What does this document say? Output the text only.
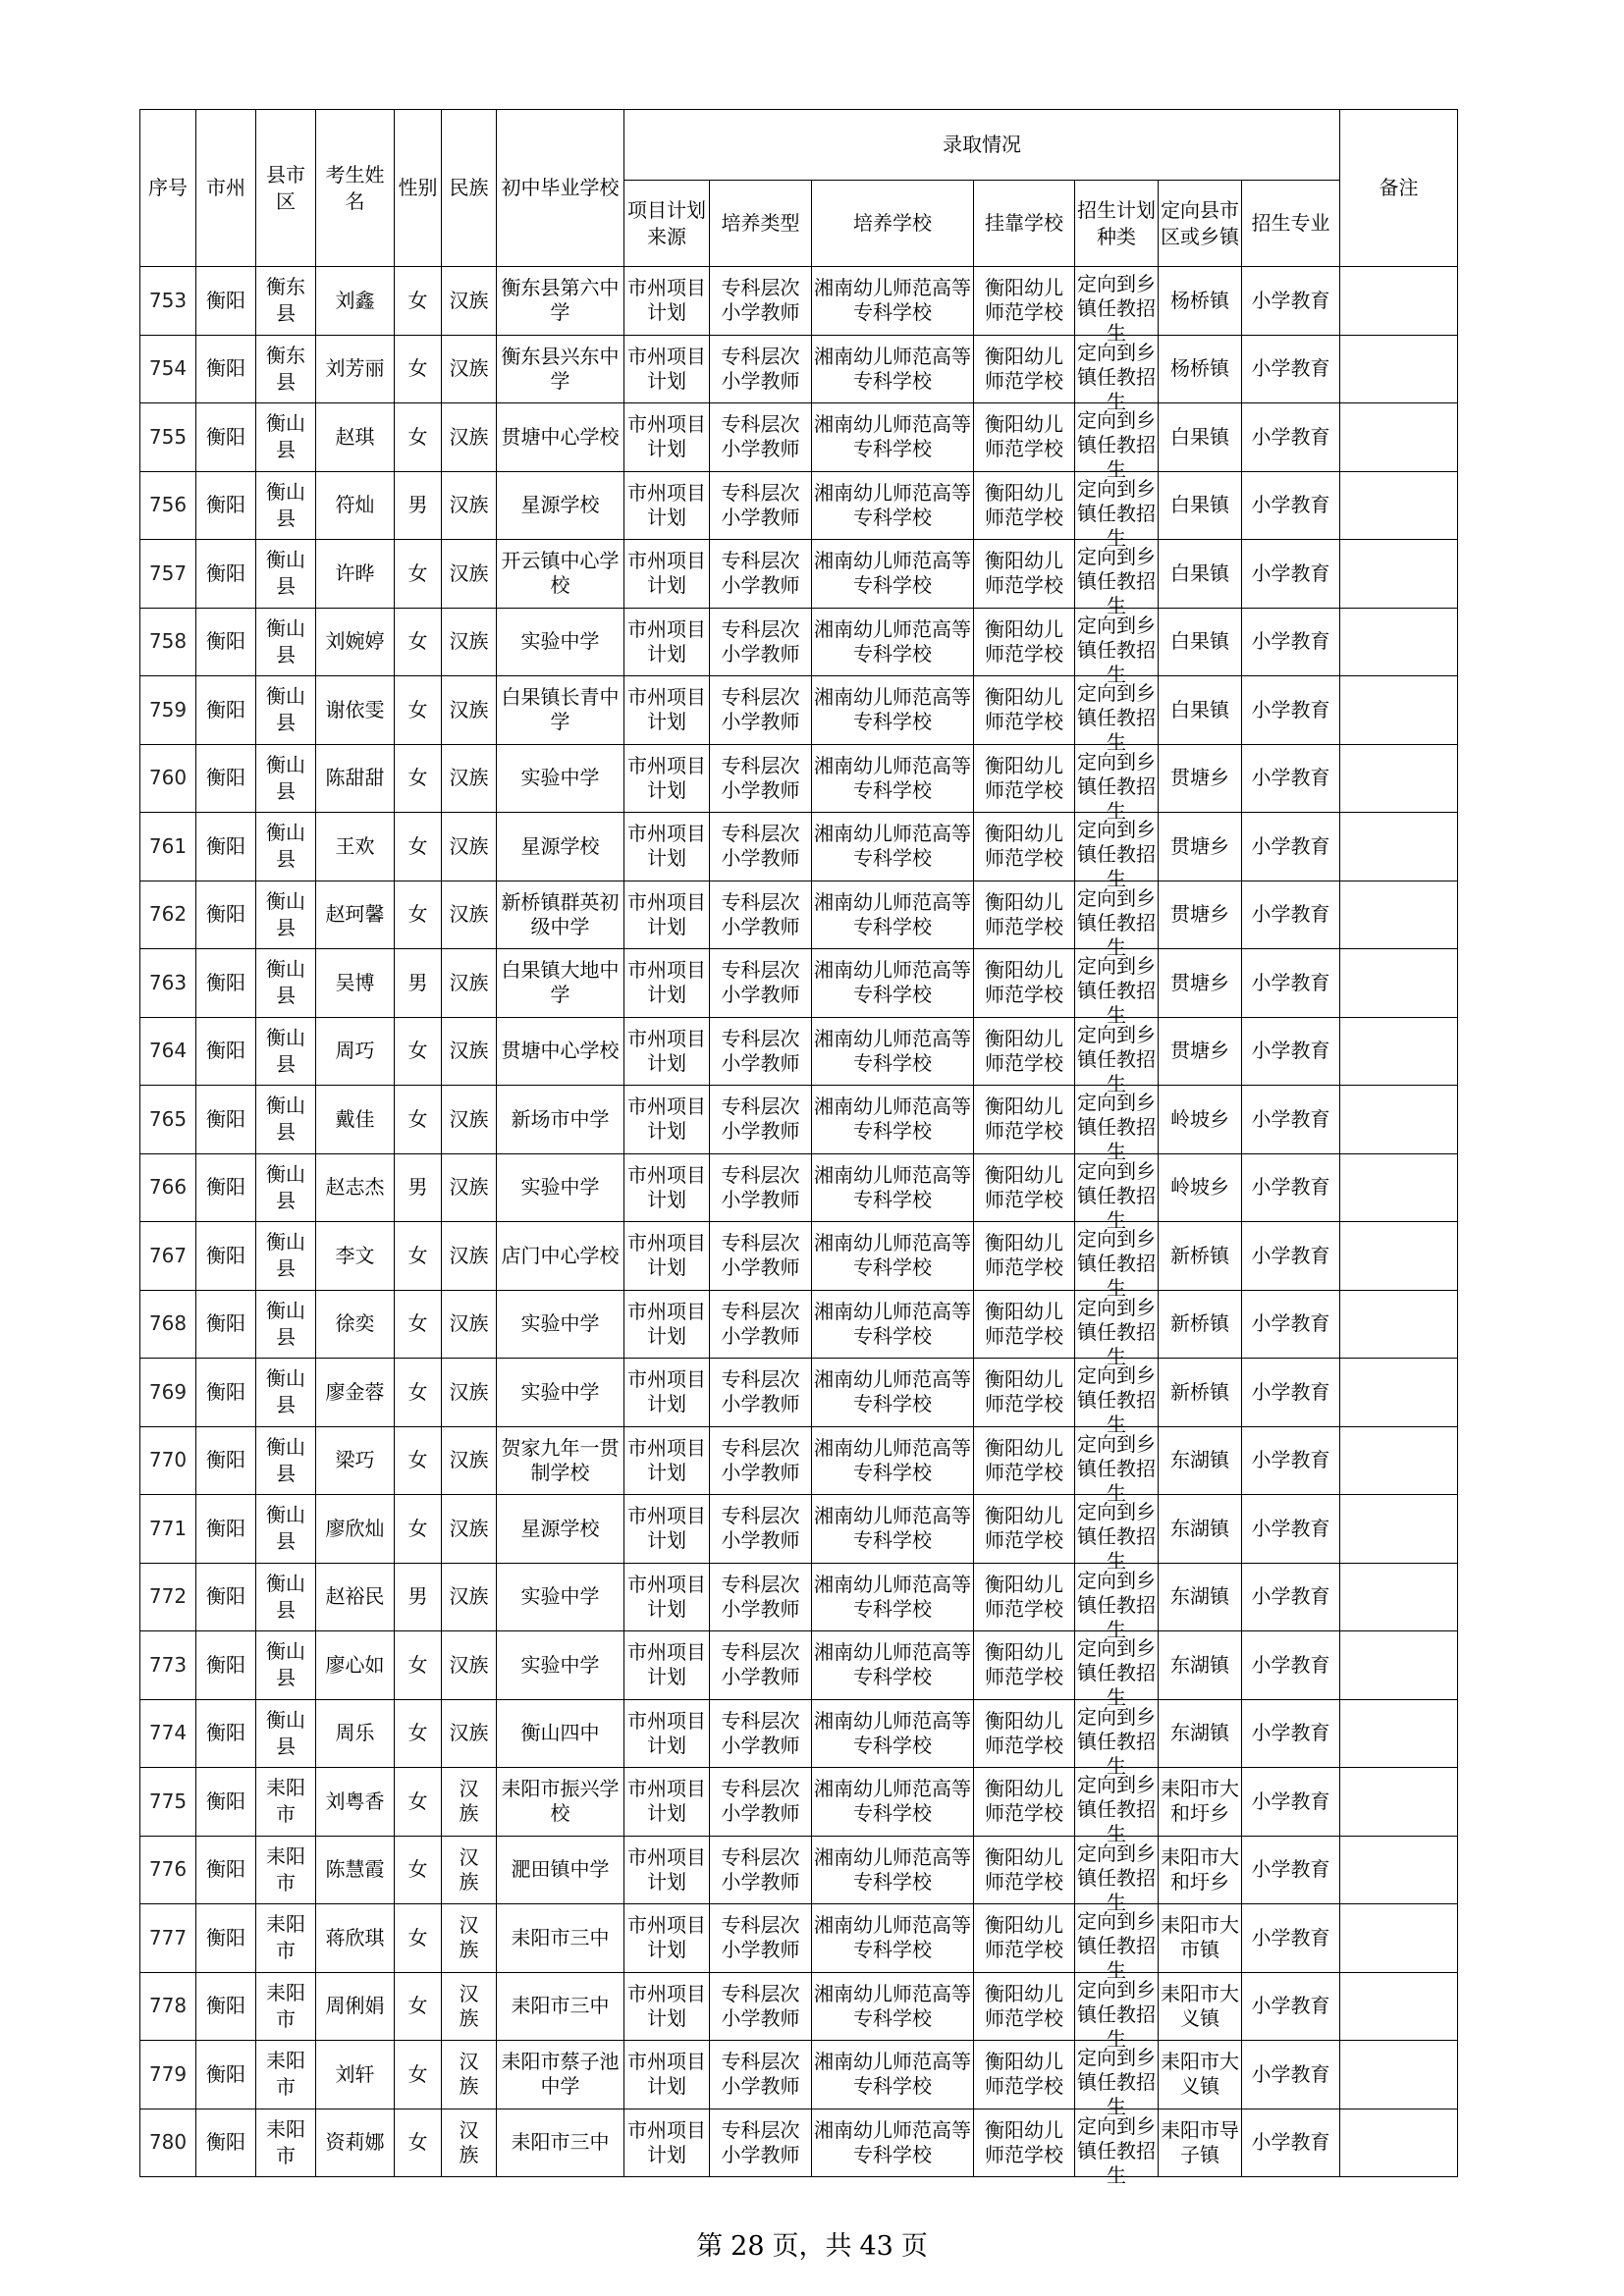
序号	市州	县市区	考生姓名	性别	民族	初中毕业学校	录取情况							备注

							项目计划来源	培养类型	培养学校	挂靠学校	招生计划种类	定向县市区或乡镇	招生专业	

753	衡阳	衡东县	刘鑫	女	汉族	衡东县第六中学	市州项目计划	专科层次小学教师	湘南幼儿师范高等专科学校	衡阳幼儿师范学校	定向到乡镇任教招生	杨桥镇	小学教育	

754	衡阳	衡东县	刘芳丽	女	汉族	衡东县兴东中学	市州项目计划	专科层次小学教师	湘南幼儿师范高等专科学校	衡阳幼儿师范学校	定向到乡镇任教招生	杨桥镇	小学教育	

755	衡阳	衡山县	赵琪	女	汉族	贯塘中心学校	市州项目计划	专科层次小学教师	湘南幼儿师范高等专科学校	衡阳幼儿师范学校	定向到乡镇任教招生	白果镇	小学教育	

756	衡阳	衡山县	符灿	男	汉族	星源学校	市州项目计划	专科层次小学教师	湘南幼儿师范高等专科学校	衡阳幼儿师范学校	定向到乡镇任教招生	白果镇	小学教育	

757	衡阳	衡山县	许晔	女	汉族	开云镇中心学校	市州项目计划	专科层次小学教师	湘南幼儿师范高等专科学校	衡阳幼儿师范学校	定向到乡镇任教招生	白果镇	小学教育	

758	衡阳	衡山县	刘婉婷	女	汉族	实验中学	市州项目计划	专科层次小学教师	湘南幼儿师范高等专科学校	衡阳幼儿师范学校	定向到乡镇任教招生	白果镇	小学教育	

759	衡阳	衡山县	谢依雯	女	汉族	白果镇长青中学	市州项目计划	专科层次小学教师	湘南幼儿师范高等专科学校	衡阳幼儿师范学校	定向到乡镇任教招生	白果镇	小学教育	

760	衡阳	衡山县	陈甜甜	女	汉族	实验中学	市州项目计划	专科层次小学教师	湘南幼儿师范高等专科学校	衡阳幼儿师范学校	定向到乡镇任教招生	贯塘乡	小学教育	

761	衡阳	衡山县	王欢	女	汉族	星源学校	市州项目计划	专科层次小学教师	湘南幼儿师范高等专科学校	衡阳幼儿师范学校	定向到乡镇任教招生	贯塘乡	小学教育	

762	衡阳	衡山县	赵珂馨	女	汉族	新桥镇群英初级中学	市州项目计划	专科层次小学教师	湘南幼儿师范高等专科学校	衡阳幼儿师范学校	定向到乡镇任教招生	贯塘乡	小学教育	

763	衡阳	衡山县	吴博	男	汉族	白果镇大地中学	市州项目计划	专科层次小学教师	湘南幼儿师范高等专科学校	衡阳幼儿师范学校	定向到乡镇任教招生	贯塘乡	小学教育	

764	衡阳	衡山县	周巧	女	汉族	贯塘中心学校	市州项目计划	专科层次小学教师	湘南幼儿师范高等专科学校	衡阳幼儿师范学校	定向到乡镇任教招生	贯塘乡	小学教育	

765	衡阳	衡山县	戴佳	女	汉族	新场市中学	市州项目计划	专科层次小学教师	湘南幼儿师范高等专科学校	衡阳幼儿师范学校	定向到乡镇任教招生	岭坡乡	小学教育	

766	衡阳	衡山县	赵志杰	男	汉族	实验中学	市州项目计划	专科层次小学教师	湘南幼儿师范高等专科学校	衡阳幼儿师范学校	定向到乡镇任教招生	岭坡乡	小学教育	

767	衡阳	衡山县	李文	女	汉族	店门中心学校	市州项目计划	专科层次小学教师	湘南幼儿师范高等专科学校	衡阳幼儿师范学校	定向到乡镇任教招生	新桥镇	小学教育	

768	衡阳	衡山县	徐奕	女	汉族	实验中学	市州项目计划	专科层次小学教师	湘南幼儿师范高等专科学校	衡阳幼儿师范学校	定向到乡镇任教招生	新桥镇	小学教育	

769	衡阳	衡山县	廖金蓉	女	汉族	实验中学	市州项目计划	专科层次小学教师	湘南幼儿师范高等专科学校	衡阳幼儿师范学校	定向到乡镇任教招生	新桥镇	小学教育	

770	衡阳	衡山县	梁巧	女	汉族	贺家九年一贯制学校	市州项目计划	专科层次小学教师	湘南幼儿师范高等专科学校	衡阳幼儿师范学校	定向到乡镇任教招生	东湖镇	小学教育	

771	衡阳	衡山县	廖欣灿	女	汉族	星源学校	市州项目计划	专科层次小学教师	湘南幼儿师范高等专科学校	衡阳幼儿师范学校	定向到乡镇任教招生	东湖镇	小学教育	

772	衡阳	衡山县	赵裕民	男	汉族	实验中学	市州项目计划	专科层次小学教师	湘南幼儿师范高等专科学校	衡阳幼儿师范学校	定向到乡镇任教招生	东湖镇	小学教育	

773	衡阳	衡山县	廖心如	女	汉族	实验中学	市州项目计划	专科层次小学教师	湘南幼儿师范高等专科学校	衡阳幼儿师范学校	定向到乡镇任教招生	东湖镇	小学教育	

774	衡阳	衡山县	周乐	女	汉族	衡山四中	市州项目计划	专科层次小学教师	湘南幼儿师范高等专科学校	衡阳幼儿师范学校	定向到乡镇任教招生	东湖镇	小学教育	

775	衡阳	耒阳市	刘粤香	女	汉族	耒阳市振兴学校	市州项目计划	专科层次小学教师	湘南幼儿师范高等专科学校	衡阳幼儿师范学校	定向到乡镇任教招生	耒阳市大和圩乡	小学教育	

776	衡阳	耒阳市	陈慧霞	女	汉族	淝田镇中学	市州项目计划	专科层次小学教师	湘南幼儿师范高等专科学校	衡阳幼儿师范学校	定向到乡镇任教招生	耒阳市大和圩乡	小学教育	

777	衡阳	耒阳市	蒋欣琪	女	汉族	耒阳市三中	市州项目计划	专科层次小学教师	湘南幼儿师范高等专科学校	衡阳幼儿师范学校	定向到乡镇任教招生	耒阳市大市镇	小学教育	

778	衡阳	耒阳市	周俐娟	女	汉族	耒阳市三中	市州项目计划	专科层次小学教师	湘南幼儿师范高等专科学校	衡阳幼儿师范学校	定向到乡镇任教招生	耒阳市大义镇	小学教育	

779	衡阳	耒阳市	刘轩	女	汉族	耒阳市蔡子池中学	市州项目计划	专科层次小学教师	湘南幼儿师范高等专科学校	衡阳幼儿师范学校	定向到乡镇任教招生	耒阳市大义镇	小学教育	

780	衡阳	耒阳市	资莉娜	女	汉族	耒阳市三中	市州项目计划	专科层次小学教师	湘南幼儿师范高等专科学校	衡阳幼儿师范学校	定向到乡镇任教招生	耒阳市导子镇	小学教育	

第 28 页，共 43 页
